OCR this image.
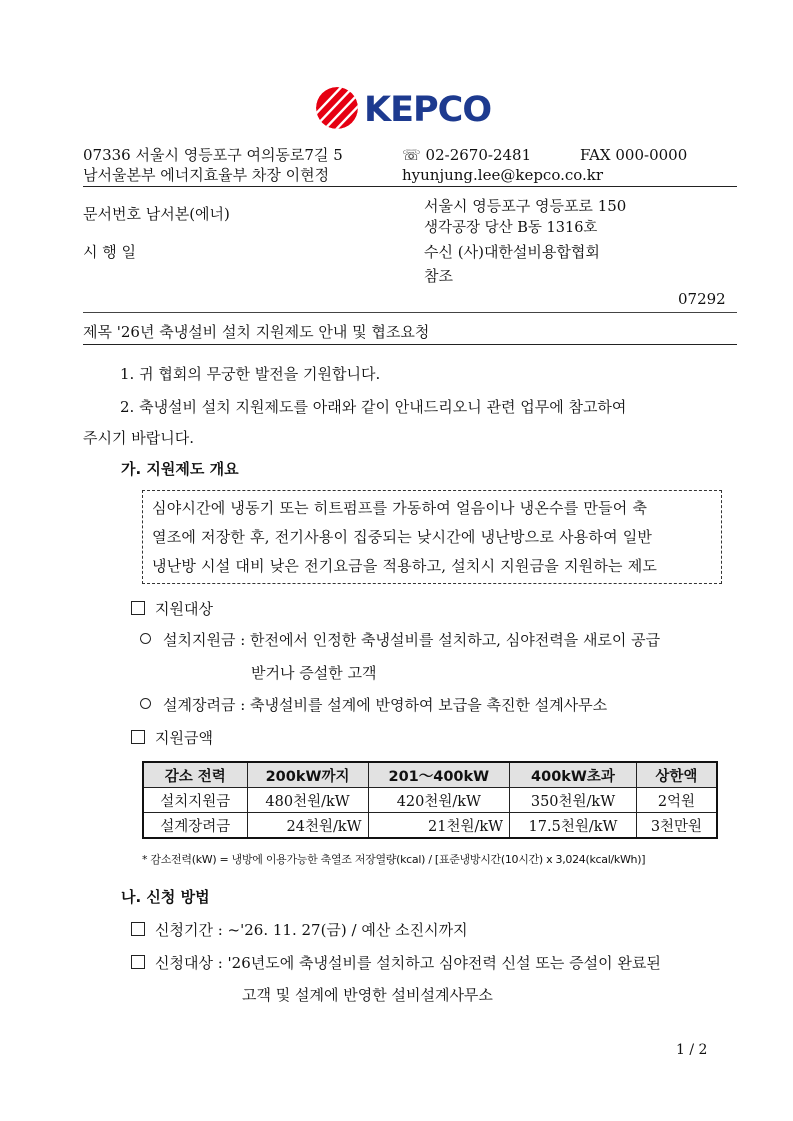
KEPCO
07336 서울시 영등포구 여의동로7길 5
남서울본부 에너지효율부 차장 이현정
☏ 02-2670-2481	FAX 000-0000
hyunjung.lee@kepco.co.kr
문서번호 남서본(에너)
시 행 일
서울시 영등포구 영등포로 150
생각공장 당산 B동 1316호
수신 (사)대한설비용합협회
참조
07292
제목 '26년 축냉설비 설치 지원제도 안내 및 협조요청
1. 귀 협회의 무궁한 발전을 기원합니다.
2. 축냉설비 설치 지원제도를 아래와 같이 안내드리오니 관련 업무에 참고하여
주시기 바랍니다.
가. 지원제도 개요
심야시간에 냉동기 또는 히트펌프를 가동하여 얼음이나 냉온수를 만들어 축
열조에 저장한 후, 전기사용이 집중되는 낮시간에 냉난방으로 사용하여 일반
냉난방 시설 대비 낮은 전기요금을 적용하고, 설치시 지원금을 지원하는 제도
지원대상
설치지원금 : 한전에서 인정한 축냉설비를 설치하고, 심야전력을 새로이 공급
받거나 증설한 고객
설계장려금 : 축냉설비를 설계에 반영하여 보급을 촉진한 설계사무소
지원금액
감소 전력	200kW까지	201～400kW	400kW초과	상한액
설치지원금	480천원/kW	420천원/kW	350천원/kW	2억원
설계장려금	24천원/kW	21천원/kW	17.5천원/kW	3천만원
* 감소전력(kW) = 냉방에 이용가능한 축열조 저장열량(kcal) / [표준냉방시간(10시간) x 3,024(kcal/kWh)]
나. 신청 방법
신청기간 : ~'26. 11. 27(금) / 예산 소진시까지
신청대상 : '26년도에 축냉설비를 설치하고 심야전력 신설 또는 증설이 완료된
고객 및 설계에 반영한 설비설계사무소
1 / 2
